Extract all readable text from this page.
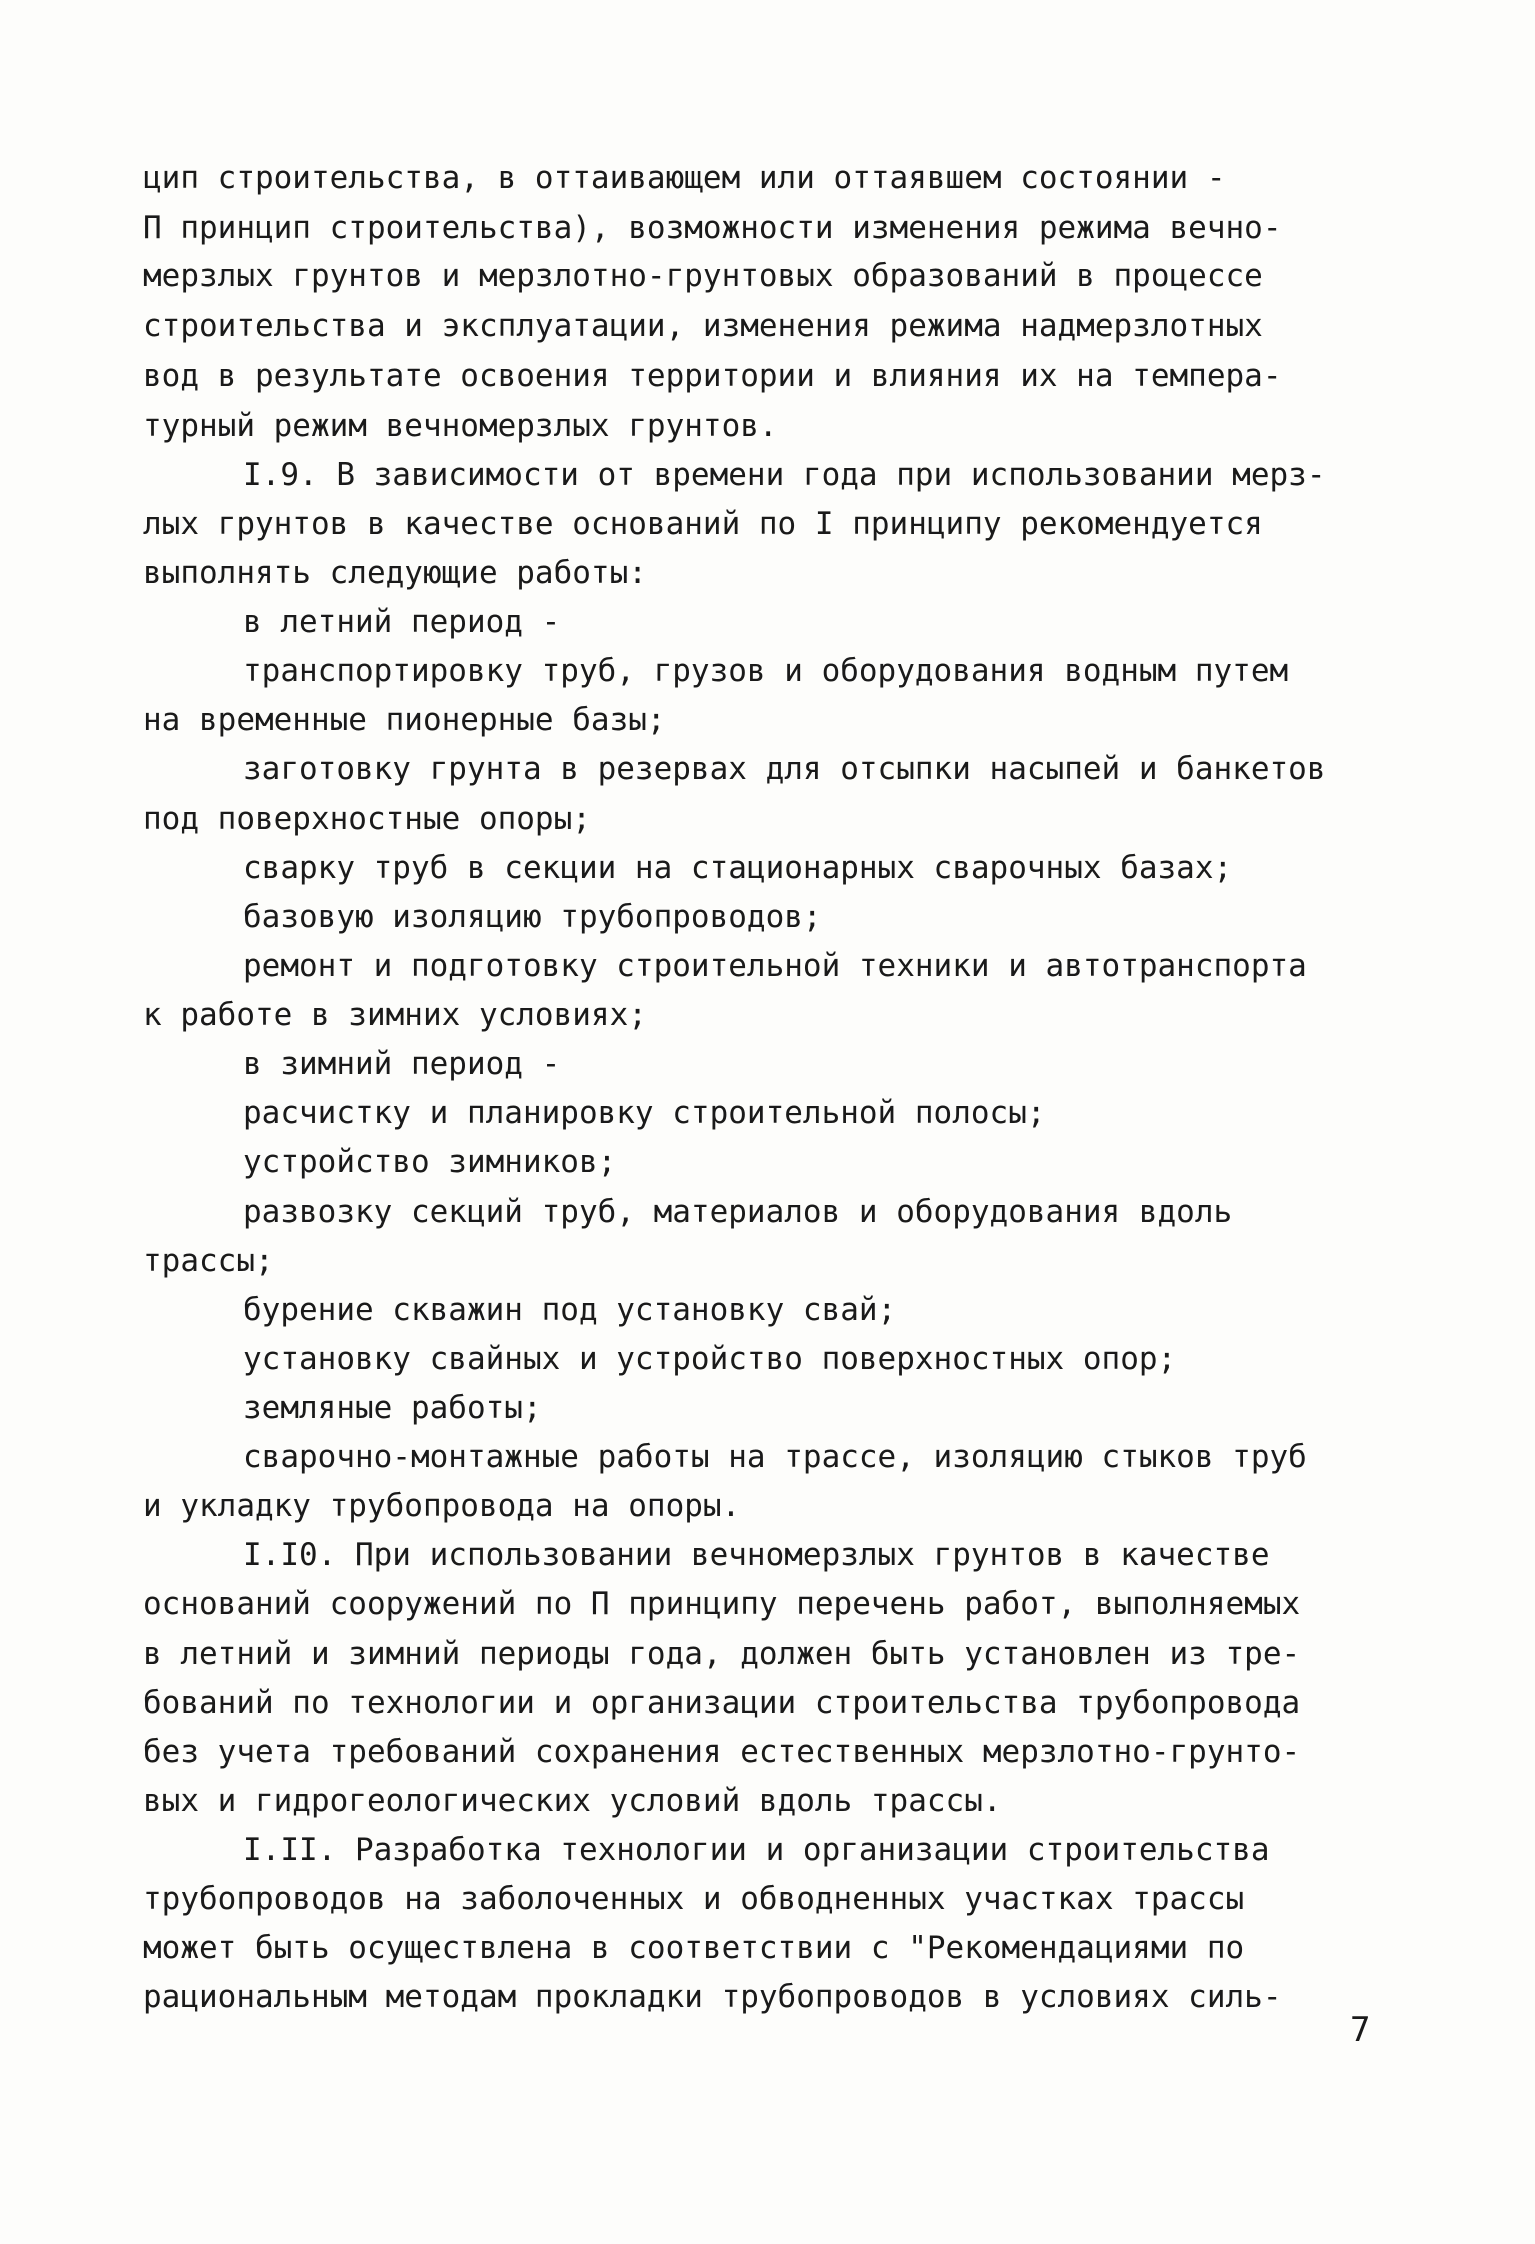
цип строительства, в оттаивающем или оттаявшем состоянии -
П принцип строительства), возможности изменения режима вечно-
мерзлых грунтов и мерзлотно-грунтовых образований в процессе
строительства и эксплуатации, изменения режима надмерзлотных
вод в результате освоения территории и влияния их на темпера-
турный режим вечномерзлых грунтов.
I.9. В зависимости от времени года при использовании мерз-
лых грунтов в качестве оснований по I принципу рекомендуется
выполнять следующие работы:
в летний период -
транспортировку труб, грузов и оборудования водным путем
на временные пионерные базы;
заготовку грунта в резервах для отсыпки насыпей и банкетов
под поверхностные опоры;
сварку труб в секции на стационарных сварочных базах;
базовую изоляцию трубопроводов;
ремонт и подготовку строительной техники и автотранспорта
к работе в зимних условиях;
в зимний период -
расчистку и планировку строительной полосы;
устройство зимников;
развозку секций труб, материалов и оборудования вдоль
трассы;
бурение скважин под установку свай;
установку свайных и устройство поверхностных опор;
земляные работы;
сварочно-монтажные работы на трассе, изоляцию стыков труб
и укладку трубопровода на опоры.
I.I0. При использовании вечномерзлых грунтов в качестве
оснований сооружений по П принципу перечень работ, выполняемых
в летний и зимний периоды года, должен быть установлен из тре-
бований по технологии и организации строительства трубопровода
без учета требований сохранения естественных мерзлотно-грунто-
вых и гидрогеологических условий вдоль трассы.
I.II. Разработка технологии и организации строительства
трубопроводов на заболоченных и обводненных участках трассы
может быть осуществлена в соответствии с "Рекомендациями по
рациональным методам прокладки трубопроводов в условиях силь-
7
